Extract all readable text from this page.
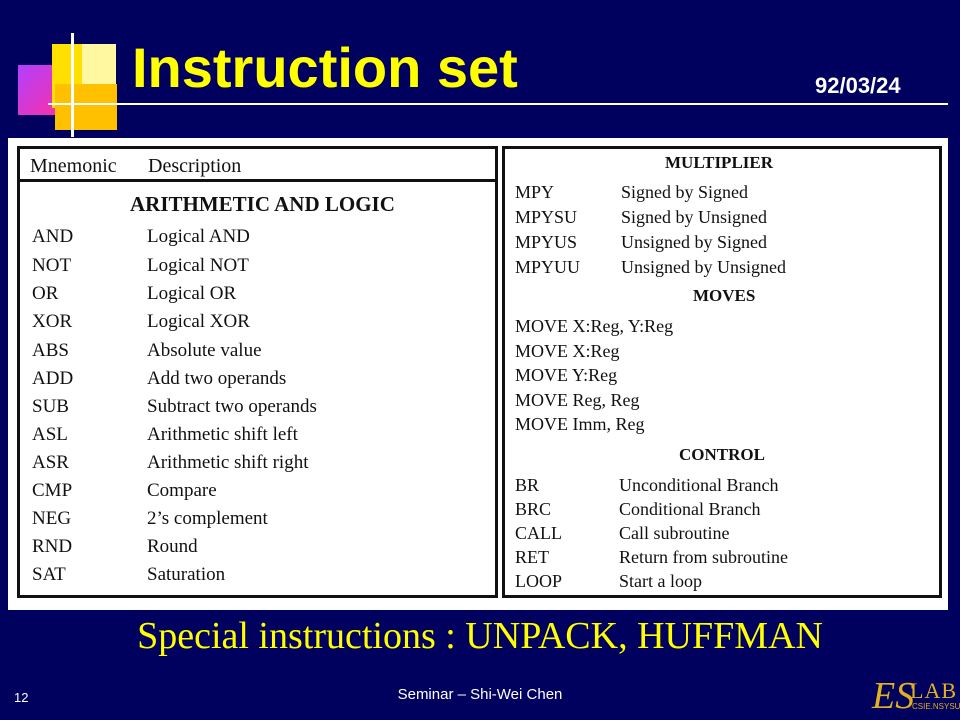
Instruction set	92/03/24
Mnemonic Description
ARITHMETIC AND LOGIC
AND	Logical AND
NOT	Logical NOT
OR	Logical OR
XOR	Logical XOR
ABS	Absolute value
ADD	Add two operands
SUB	Subtract two operands
ASL	Arithmetic shift left
ASR	Arithmetic shift right
CMP	Compare
NEG	2’s complement
RND	Round
SAT	Saturation
MULTIPLIER
MPY	Signed by Signed
MPYSU Signed by Unsigned
MPYUS Unsigned by Signed
MPYUU Unsigned by Unsigned
MOVES
MOVE X:Reg, Y:Reg
MOVE X:Reg
MOVE Y:Reg
MOVE Reg, Reg
MOVE Imm, Reg
CONTROL
BR	Unconditional Branch
BRC	Conditional Branch
CALL	Call subroutine
RET	Return from subroutine
LOOP	Start a loop
Special instructions : UNPACK, HUFFMAN
12	Seminar – Shi-Wei Chen	ES
LAB
CSIE.NSYSU
